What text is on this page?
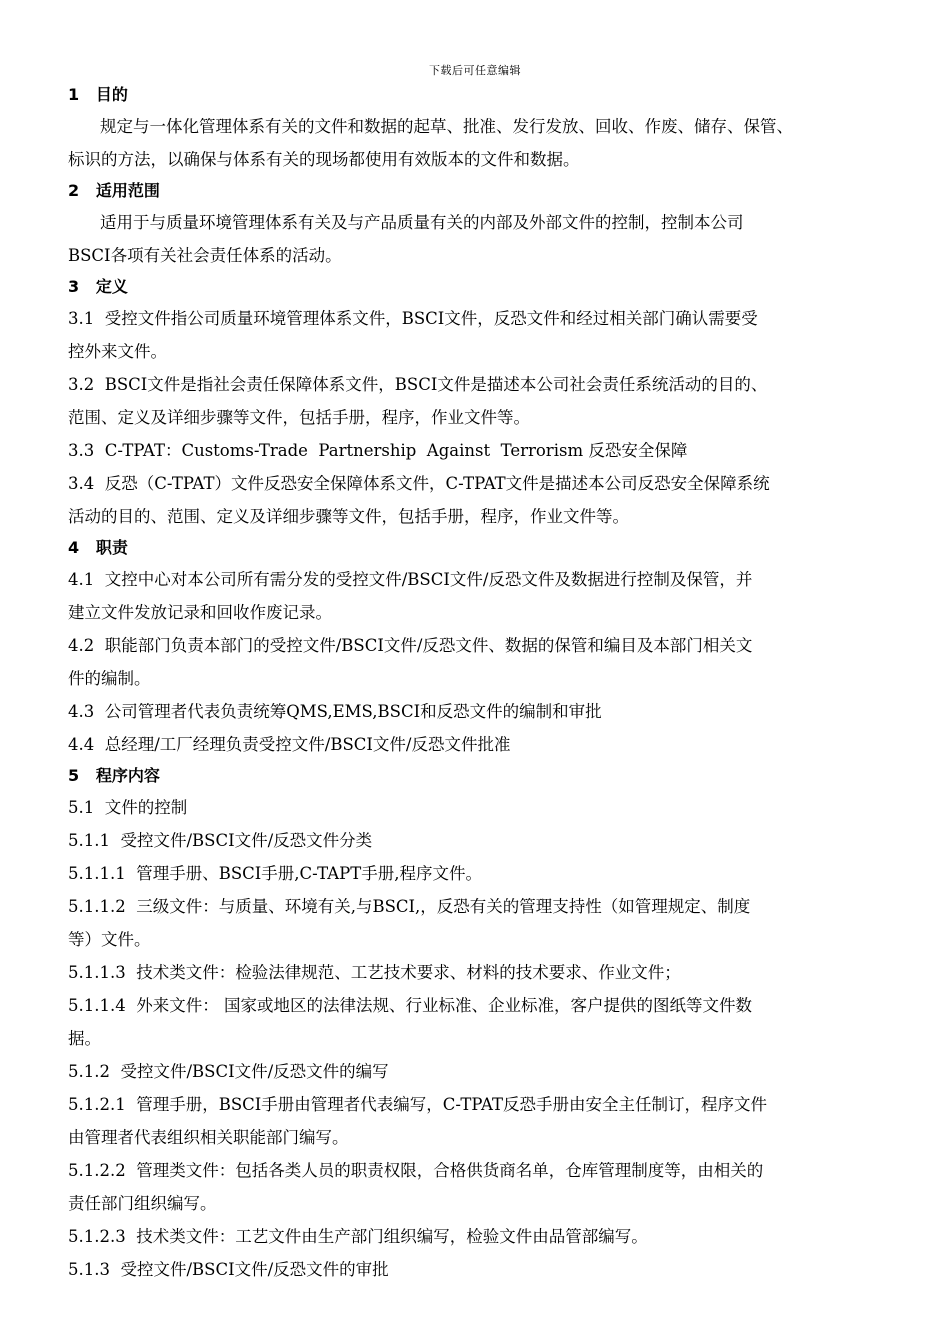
下载后可任意编辑
1   目的
规定与一体化管理体系有关的文件和数据的起草、批准、发行发放、回收、作废、储存、保管、
标识的方法，以确保与体系有关的现场都使用有效版本的文件和数据。
2   适用范围
适用于与质量环境管理体系有关及与产品质量有关的内部及外部文件的控制，控制本公司
BSCI各项有关社会责任体系的活动。
3   定义
3.1  受控文件指公司质量环境管理体系文件，BSCI文件，反恐文件和经过相关部门确认需要受
控外来文件。
3.2  BSCI文件是指社会责任保障体系文件，BSCI文件是描述本公司社会责任系统活动的目的、
范围、定义及详细步骤等文件，包括手册，程序，作业文件等。
3.3  C-TPAT：Customs-Trade  Partnership  Against  Terrorism 反恐安全保障
3.4  反恐（C-TPAT）文件反恐安全保障体系文件，C-TPAT文件是描述本公司反恐安全保障系统
活动的目的、范围、定义及详细步骤等文件，包括手册，程序，作业文件等。
4   职责
4.1  文控中心对本公司所有需分发的受控文件/BSCI文件/反恐文件及数据进行控制及保管，并
建立文件发放记录和回收作废记录。
4.2  职能部门负责本部门的受控文件/BSCI文件/反恐文件、数据的保管和编目及本部门相关文
件的编制。
4.3  公司管理者代表负责统筹QMS,EMS,BSCI和反恐文件的编制和审批
4.4  总经理/工厂经理负责受控文件/BSCI文件/反恐文件批准
5   程序内容
5.1  文件的控制
5.1.1  受控文件/BSCI文件/反恐文件分类
5.1.1.1  管理手册、BSCI手册,C-TAPT手册,程序文件。
5.1.1.2  三级文件：与质量、环境有关,与BSCI,，反恐有关的管理支持性（如管理规定、制度
等）文件。
5.1.1.3  技术类文件：检验法律规范、工艺技术要求、材料的技术要求、作业文件；
5.1.1.4  外来文件： 国家或地区的法律法规、行业标准、企业标准，客户提供的图纸等文件数
据。
5.1.2  受控文件/BSCI文件/反恐文件的编写
5.1.2.1  管理手册，BSCI手册由管理者代表编写，C-TPAT反恐手册由安全主任制订，程序文件
由管理者代表组织相关职能部门编写。
5.1.2.2  管理类文件：包括各类人员的职责权限，合格供货商名单，仓库管理制度等，由相关的
责任部门组织编写。
5.1.2.3  技术类文件：工艺文件由生产部门组织编写，检验文件由品管部编写。
5.1.3  受控文件/BSCI文件/反恐文件的审批
